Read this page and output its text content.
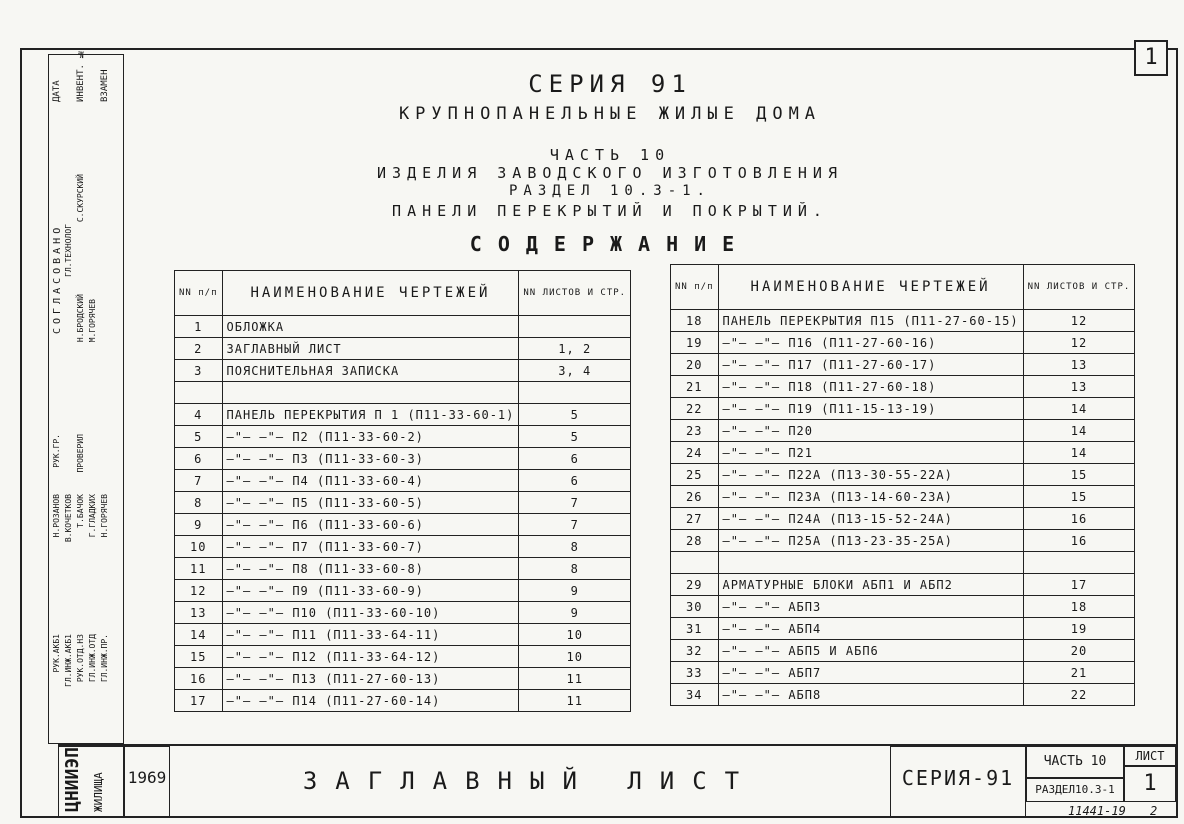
1
СЕРИЯ 91
КРУПНОПАНЕЛЬНЫЕ ЖИЛЫЕ ДОМА
ЧАСТЬ 10
ИЗДЕЛИЯ ЗАВОДСКОГО ИЗГОТОВЛЕНИЯ
РАЗДЕЛ 10.3-1.
ПАНЕЛИ ПЕРЕКРЫТИЙ И ПОКРЫТИЙ.
СОДЕРЖАНИЕ
NN п/п	НАИМЕНОВАНИЕ ЧЕРТЕЖЕЙ	NN ЛИСТОВ И СТР.
1	ОБЛОЖКА	
2	ЗАГЛАВНЫЙ ЛИСТ	1, 2
3	ПОЯСНИТЕЛЬНАЯ ЗАПИСКА	3, 4

4	ПАНЕЛЬ ПЕРЕКРЫТИЯ П 1 (П11-33-60-1)	5
5	—"— —"— П2 (П11-33-60-2)	5
6	—"— —"— П3 (П11-33-60-3)	6
7	—"— —"— П4 (П11-33-60-4)	6
8	—"— —"— П5 (П11-33-60-5)	7
9	—"— —"— П6 (П11-33-60-6)	7
10	—"— —"— П7 (П11-33-60-7)	8
11	—"— —"— П8 (П11-33-60-8)	8
12	—"— —"— П9 (П11-33-60-9)	9
13	—"— —"— П10 (П11-33-60-10)	9
14	—"— —"— П11 (П11-33-64-11)	10
15	—"— —"— П12 (П11-33-64-12)	10
16	—"— —"— П13 (П11-27-60-13)	11
17	—"— —"— П14 (П11-27-60-14)	11
NN п/п	НАИМЕНОВАНИЕ ЧЕРТЕЖЕЙ	NN ЛИСТОВ И СТР.
18	ПАНЕЛЬ ПЕРЕКРЫТИЯ П15 (П11-27-60-15)	12
19	—"— —"— П16 (П11-27-60-16)	12
20	—"— —"— П17 (П11-27-60-17)	13
21	—"— —"— П18 (П11-27-60-18)	13
22	—"— —"— П19 (П11-15-13-19)	14
23	—"— —"— П20	14
24	—"— —"— П21	14
25	—"— —"— П22А (П13-30-55-22А)	15
26	—"— —"— П23А (П13-14-60-23А)	15
27	—"— —"— П24А (П13-15-52-24А)	16
28	—"— —"— П25А (П13-23-35-25А)	16

29	АРМАТУРНЫЕ БЛОКИ АБП1 И АБП2	17
30	—"— —"— АБП3	18
31	—"— —"— АБП4	19
32	—"— —"— АБП5 И АБП6	20
33	—"— —"— АБП7	21
34	—"— —"— АБП8	22
ДАТА ИНВЕНТ. № ВЗАМЕН
СОГЛАСОВАНО Н.БРОДСКИЙ
С.СКУРСКИЙ
ГЛ.ТЕХНОЛОГ
М.ГОРЯЧЕВ
РУК.ГР. ПРОВЕРИЛ
Н.РОЗАНОВ В.КОЧЕТКОВ Т.БАЧОК Г.ГЛАДКИХ Н.ГОРЯЧЕВ
РУК.АКБ1 ГЛ.ИНЖ.АКБ1 РУК.ОТД.НЗ ГЛ.ИНЖ.ОТД ГЛ.ИНЖ.ПР.
ЦНИИЭП ЖИЛИЩА 1969	ЗАГЛАВНЫЙ ЛИСТ	СЕРИЯ-91
ЧАСТЬ 10
РАЗДЕЛ10.3-1
ЛИСТ
1
11441-19 2
